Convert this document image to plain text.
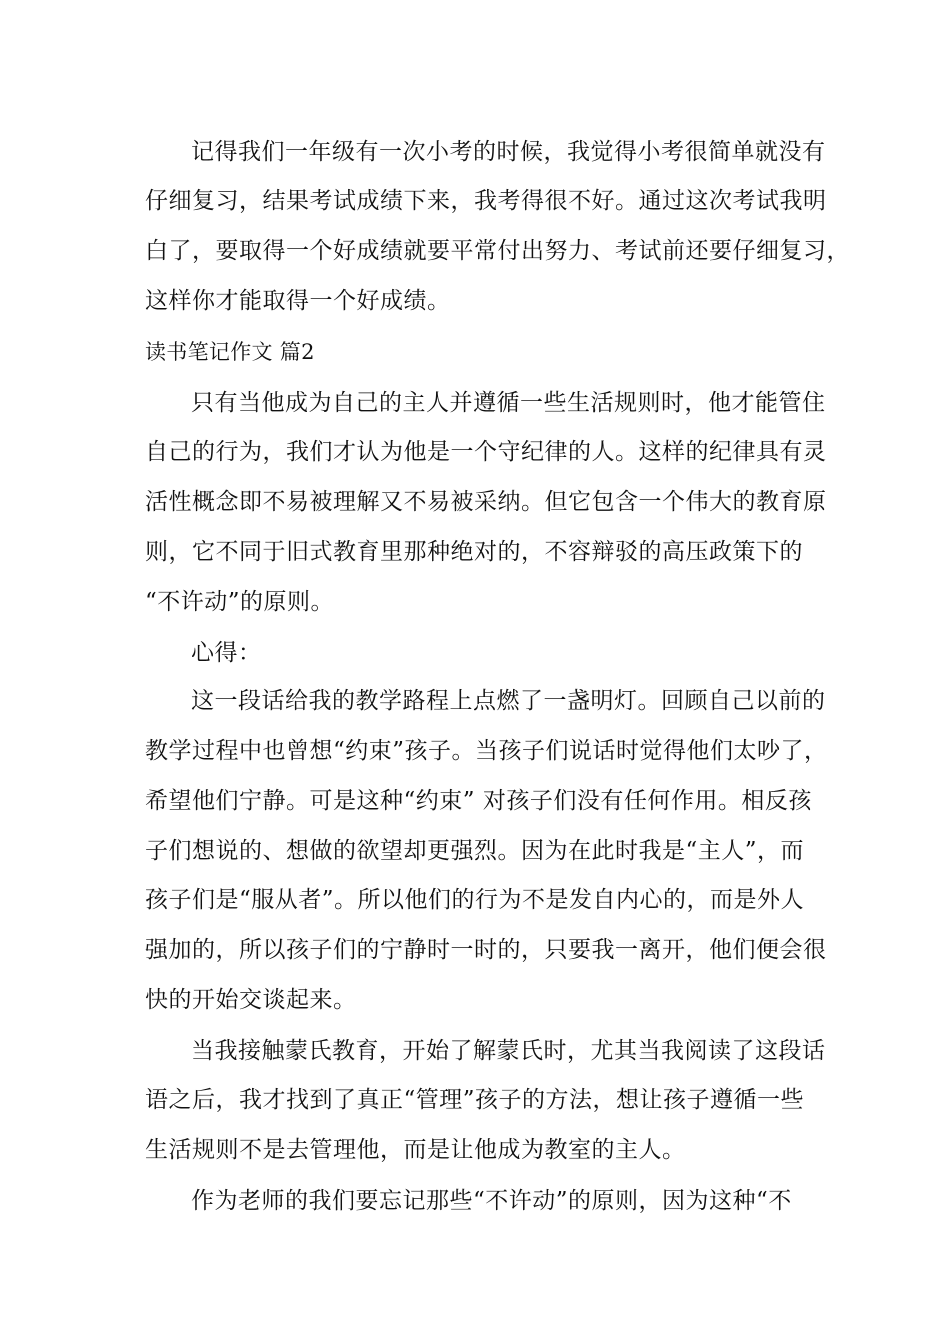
记得我们一年级有一次小考的时候，我觉得小考很简单就没有
仔细复习，结果考试成绩下来，我考得很不好。通过这次考试我明
白了，要取得一个好成绩就要平常付出努力、考试前还要仔细复习，
这样你才能取得一个好成绩。
读书笔记作文 篇2
只有当他成为自己的主人并遵循一些生活规则时，他才能管住
自己的行为，我们才认为他是一个守纪律的人。这样的纪律具有灵
活性概念即不易被理解又不易被采纳。但它包含一个伟大的教育原
则，它不同于旧式教育里那种绝对的，不容辩驳的高压政策下的
“不许动”的原则。
心得：
这一段话给我的教学路程上点燃了一盏明灯。回顾自己以前的
教学过程中也曾想“约束”孩子。当孩子们说话时觉得他们太吵了，
希望他们宁静。可是这种“约束” 对孩子们没有任何作用。相反孩
子们想说的、想做的欲望却更强烈。因为在此时我是“主人”，而
孩子们是“服从者”。所以他们的行为不是发自内心的，而是外人
强加的，所以孩子们的宁静时一时的，只要我一离开，他们便会很
快的开始交谈起来。
当我接触蒙氏教育，开始了解蒙氏时，尤其当我阅读了这段话
语之后，我才找到了真正“管理”孩子的方法，想让孩子遵循一些
生活规则不是去管理他，而是让他成为教室的主人。
作为老师的我们要忘记那些“不许动”的原则，因为这种“不
